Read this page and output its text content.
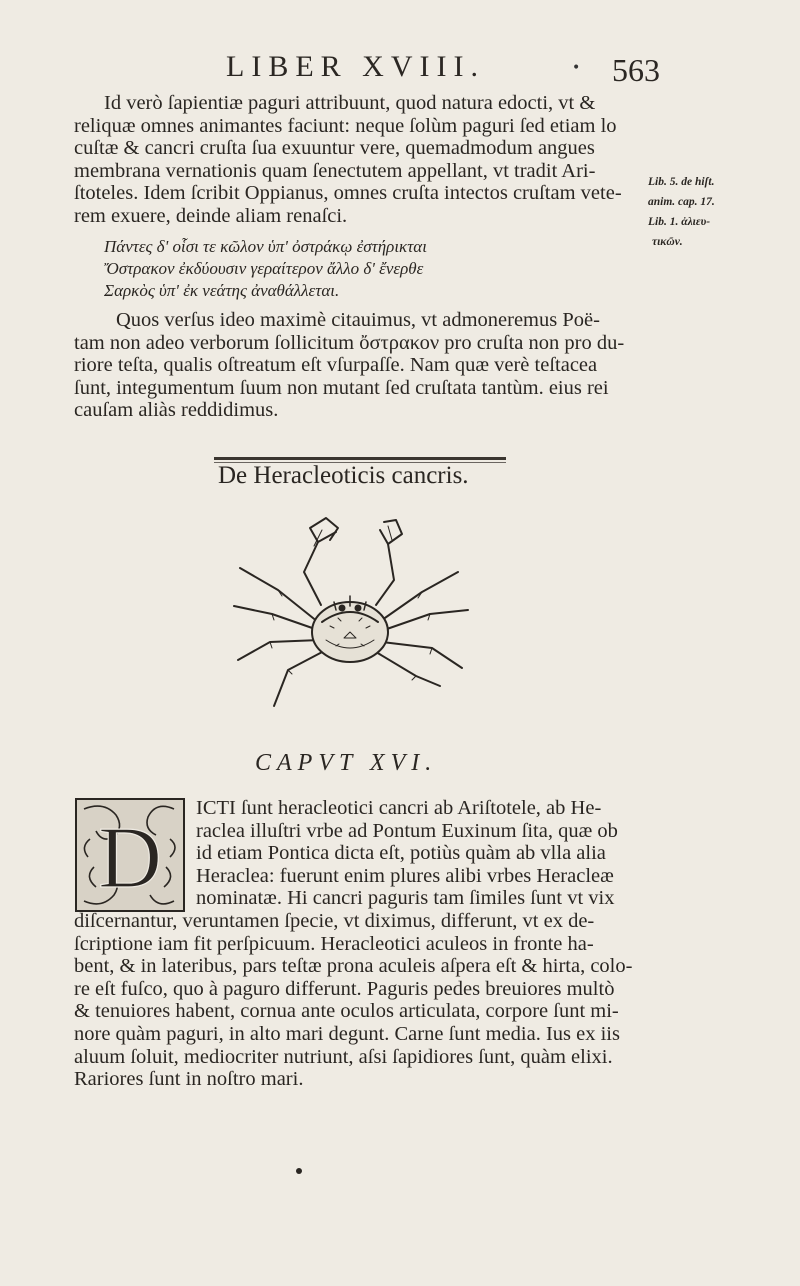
LIBER XVIII.	• 563
Id verò ſapientiæ paguri attribuunt, quod natura edocti, vt &
reliquæ omnes animantes faciunt: neque ſolùm paguri ſed etiam lo
cuſtæ & cancri cruſta ſua exuuntur vere, quemadmodum angues
membrana vernationis quam ſenectutem appellant, vt tradit Ari-
ſtoteles. Idem ſcribit Oppianus, omnes cruſta intectos cruſtam vete-
rem exuere, deinde aliam renaſci.
Lib. 5. de hiſt.
anim. cap. 17.
Lib. 1. ἁλιευ-
τικῶν.
Πάντες δ' οἷσι τε κῶλον ὑπ' ὀστράκῳ ἐστήρικται
Ὄστρακον ἐκδύουσιν γεραίτερον ἄλλο δ' ἔνερθε
Σαρκὸς ὑπ' ἐκ νεάτης ἀναθάλλεται.
Quos verſus ideo maximè citauimus, vt admoneremus Poë-
tam non adeo verborum ſollicitum ὄστρακον pro cruſta non pro du-
riore teſta, qualis oſtreatum eſt vſurpaſſe. Nam quæ verè teſtacea
ſunt, integumentum ſuum non mutant ſed cruſtata tantùm. eius rei
cauſam aliàs reddidimus.
De Heracleoticis cancris.
CAPVT XVI.
D
ICTI ſunt heracleotici cancri ab Ariſtotele, ab He-
raclea illuſtri vrbe ad Pontum Euxinum ſita, quæ ob
id etiam Pontica dicta eſt, potiùs quàm ab vlla alia
Heraclea: fuerunt enim plures alibi vrbes Heracleæ
nominatæ. Hi cancri paguris tam ſimiles ſunt vt vix
diſcernantur, veruntamen ſpecie, vt diximus, differunt, vt ex de-
ſcriptione iam fit perſpicuum. Heracleotici aculeos in fronte ha-
bent, & in lateribus, pars teſtæ prona aculeis aſpera eſt & hirta, colo-
re eſt fuſco, quo à paguro differunt. Paguris pedes breuiores multò
& tenuiores habent, cornua ante oculos articulata, corpore ſunt mi-
nore quàm paguri, in alto mari degunt. Carne ſunt media. Ius ex iis
aluum ſoluit, mediocriter nutriunt, aſsi ſapidiores ſunt, quàm elixi.
Rariores ſunt in noſtro mari.
